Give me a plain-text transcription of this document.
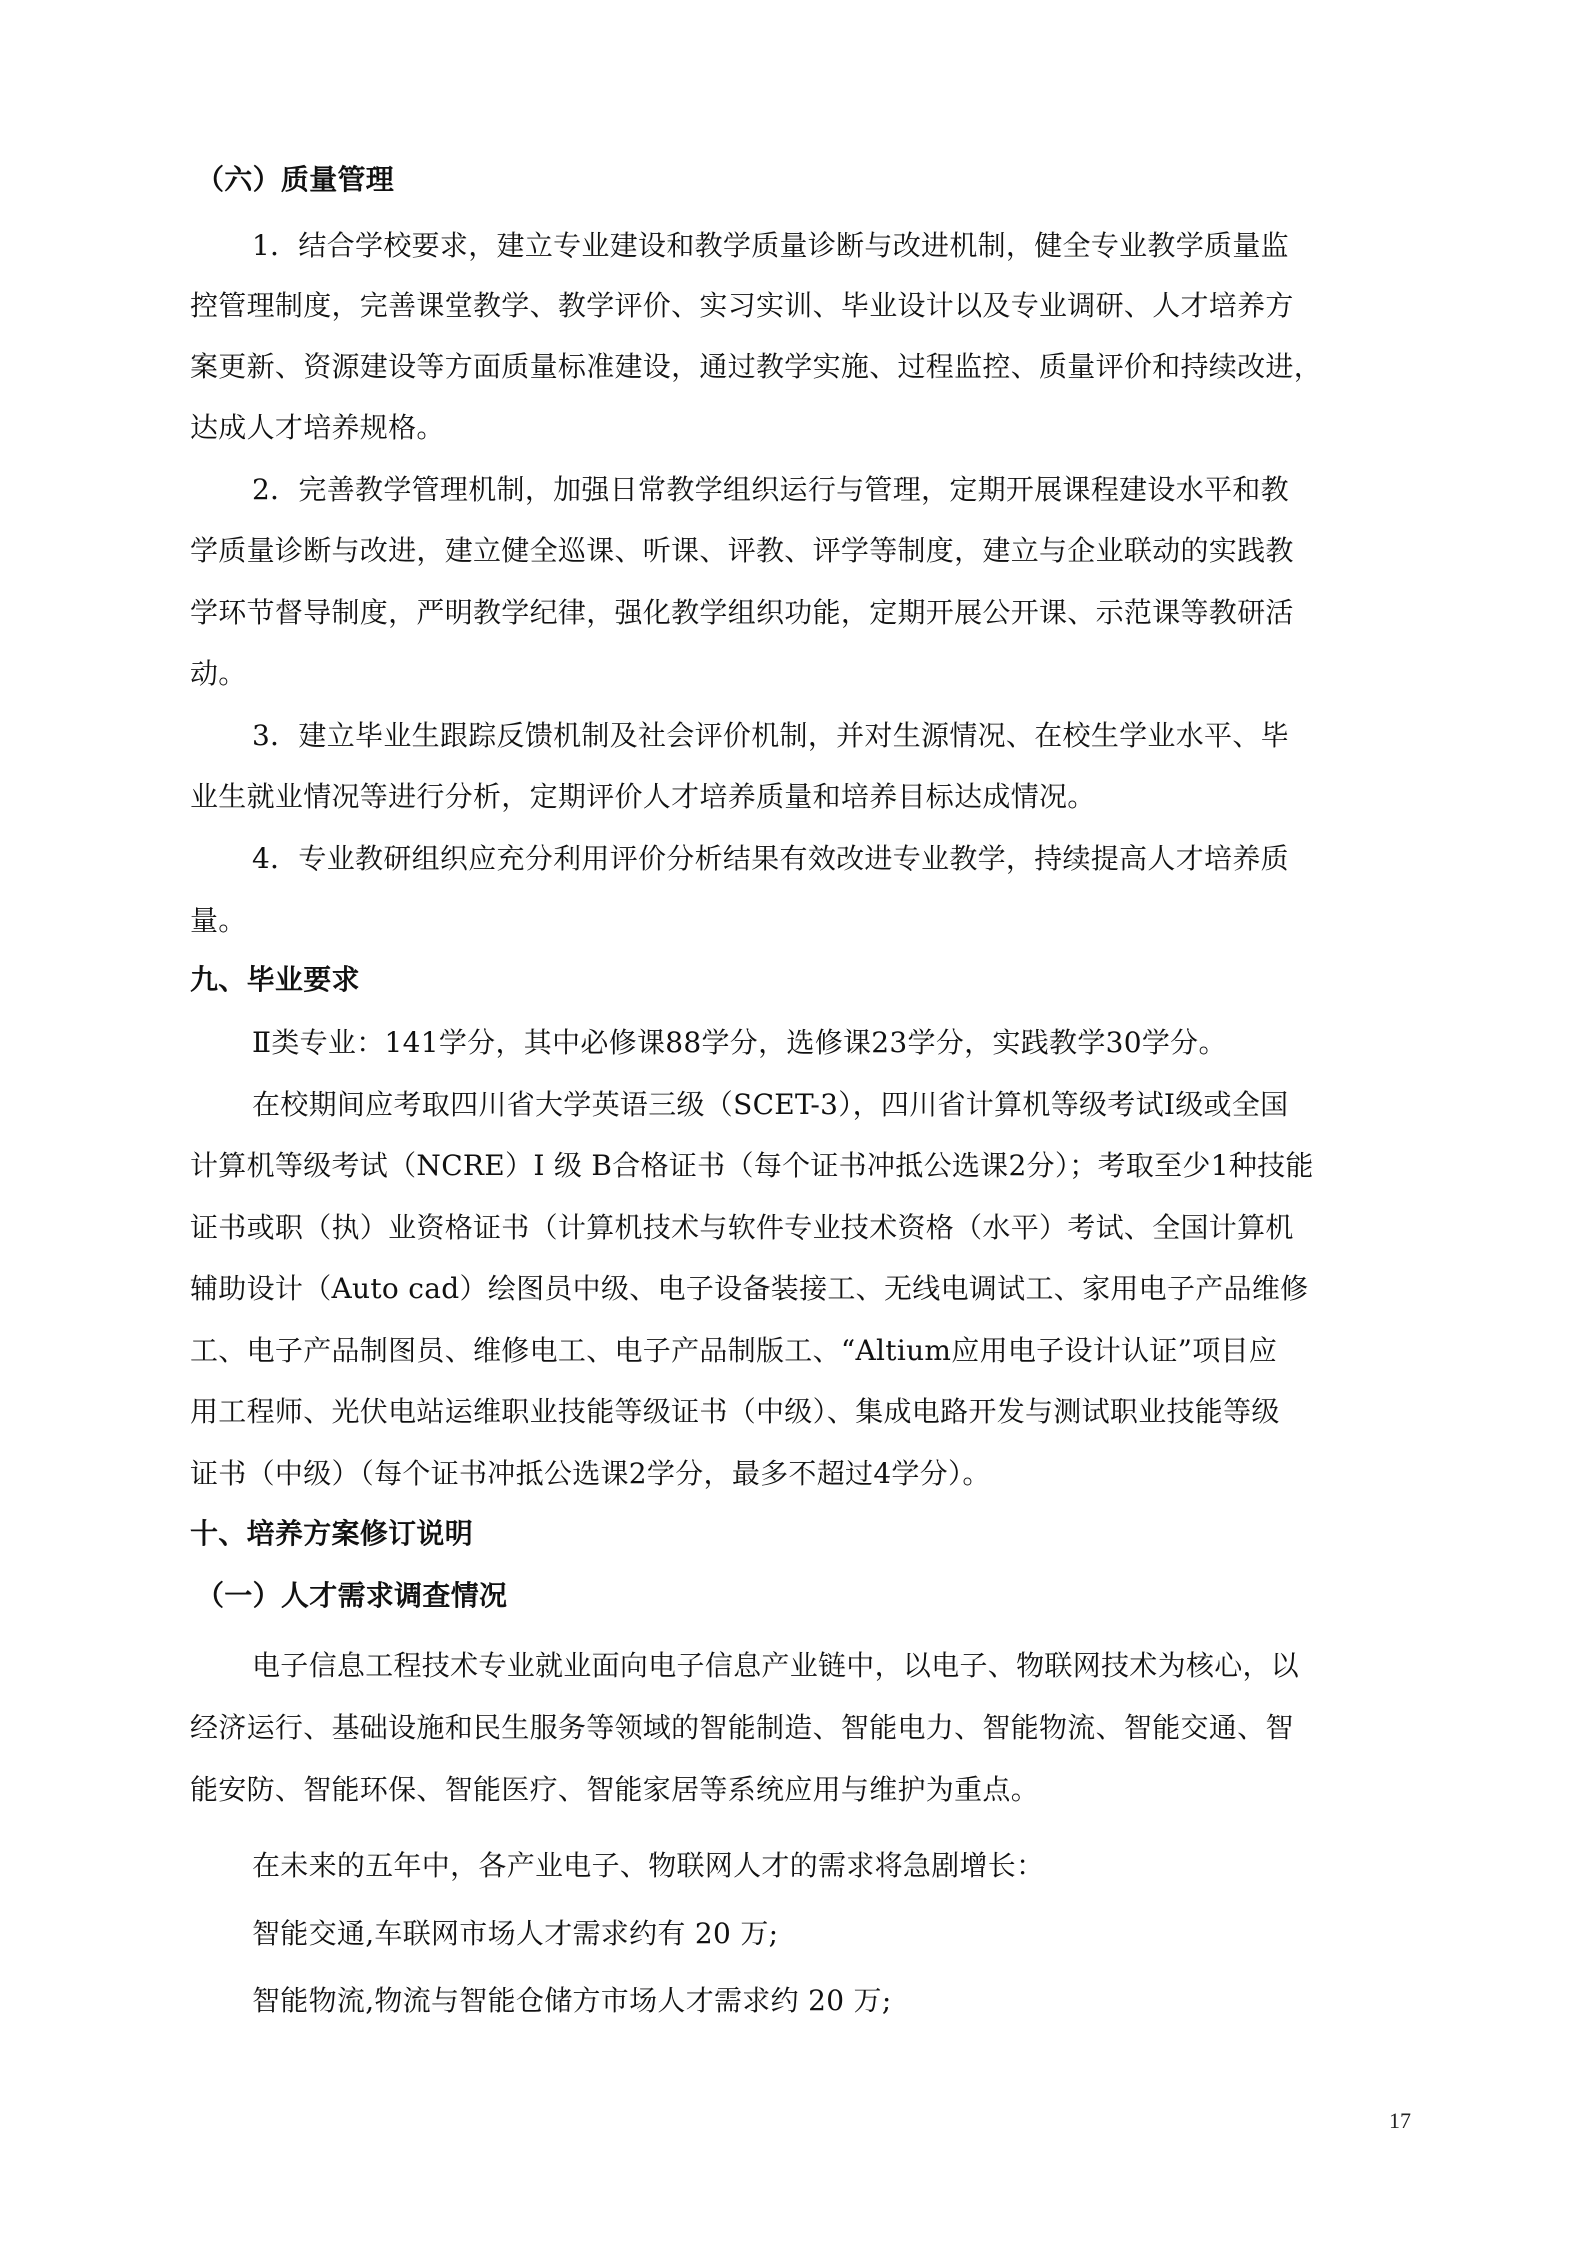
（六）质量管理
1．结合学校要求，建立专业建设和教学质量诊断与改进机制，健全专业教学质量监
控管理制度，完善课堂教学、教学评价、实习实训、毕业设计以及专业调研、人才培养方
案更新、资源建设等方面质量标准建设，通过教学实施、过程监控、质量评价和持续改进，
达成人才培养规格。
2．完善教学管理机制，加强日常教学组织运行与管理，定期开展课程建设水平和教
学质量诊断与改进，建立健全巡课、听课、评教、评学等制度，建立与企业联动的实践教
学环节督导制度，严明教学纪律，强化教学组织功能，定期开展公开课、示范课等教研活
动。
3．建立毕业生跟踪反馈机制及社会评价机制，并对生源情况、在校生学业水平、毕
业生就业情况等进行分析，定期评价人才培养质量和培养目标达成情况。
4．专业教研组织应充分利用评价分析结果有效改进专业教学，持续提高人才培养质
量。
九、毕业要求
Ⅱ类专业：141学分，其中必修课88学分，选修课23学分，实践教学30学分。
在校期间应考取四川省大学英语三级（SCET-3），四川省计算机等级考试Ⅰ级或全国
计算机等级考试（NCRE）Ⅰ 级 B合格证书（每个证书冲抵公选课2分）；考取至少1种技能
证书或职（执）业资格证书（计算机技术与软件专业技术资格（水平）考试、全国计算机
辅助设计（Auto cad）绘图员中级、电子设备装接工、无线电调试工、家用电子产品维修
工、电子产品制图员、维修电工、电子产品制版工、“Altium应用电子设计认证”项目应
用工程师、光伏电站运维职业技能等级证书（中级）、集成电路开发与测试职业技能等级
证书（中级）（每个证书冲抵公选课2学分，最多不超过4学分）。
十、培养方案修订说明
（一）人才需求调查情况
电子信息工程技术专业就业面向电子信息产业链中，以电子、物联网技术为核心，以
经济运行、基础设施和民生服务等领域的智能制造、智能电力、智能物流、智能交通、智
能安防、智能环保、智能医疗、智能家居等系统应用与维护为重点。
在未来的五年中，各产业电子、物联网人才的需求将急剧增长：
智能交通,车联网市场人才需求约有 20 万;
智能物流,物流与智能仓储方市场人才需求约 20 万;
17
